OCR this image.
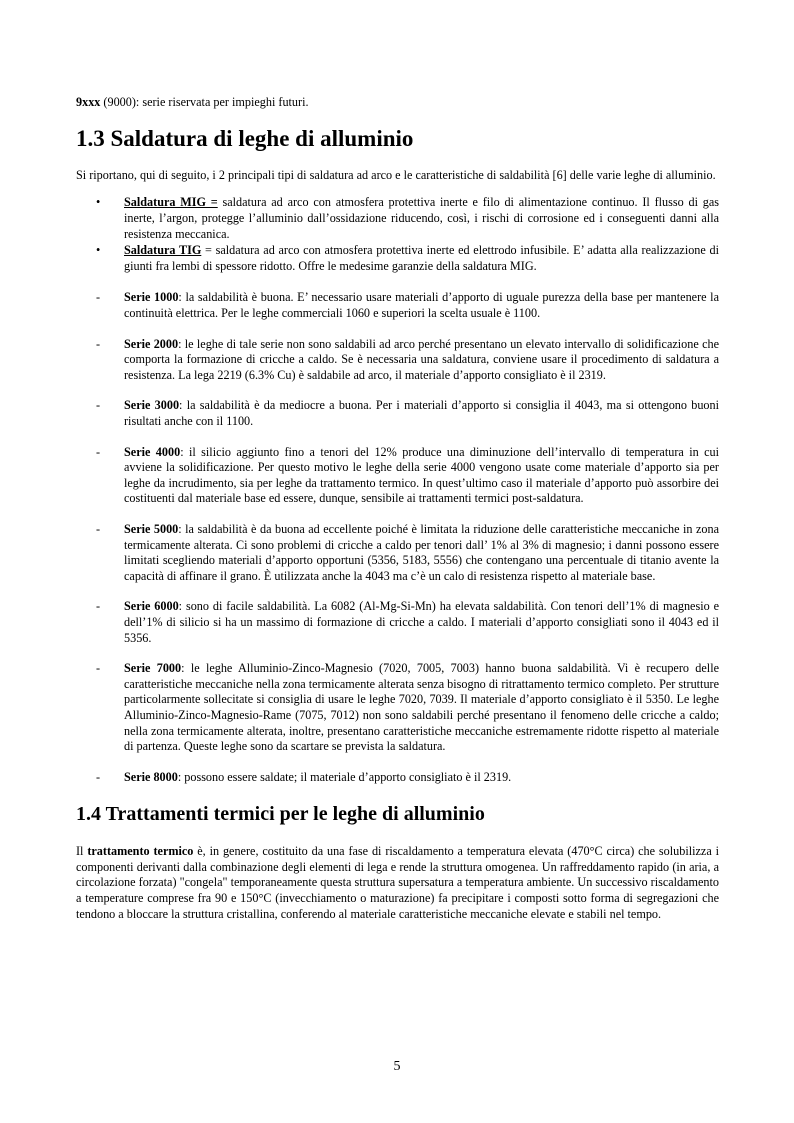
9xxx (9000): serie riservata per impieghi futuri.

1.3 Saldatura di leghe di alluminio

Si riportano, qui di seguito, i 2 principali tipi di saldatura ad arco e le caratteristiche di saldabilità [6] delle varie leghe di alluminio.

• Saldatura MIG = saldatura ad arco con atmosfera protettiva inerte e filo di alimentazione continuo. Il flusso di gas inerte, l’argon, protegge l’alluminio dall’ossidazione riducendo, così, i rischi di corrosione ed i conseguenti danni alla resistenza meccanica.
• Saldatura TIG = saldatura ad arco con atmosfera protettiva inerte ed elettrodo infusibile. E’ adatta alla realizzazione di giunti fra lembi di spessore ridotto. Offre le medesime garanzie della saldatura MIG.
- Serie 1000: la saldabilità è buona. E’ necessario usare materiali d’apporto di uguale purezza della base per mantenere la continuità elettrica. Per le leghe commerciali 1060 e superiori la scelta usuale è 1100.
- Serie 2000: le leghe di tale serie non sono saldabili ad arco perché presentano un elevato intervallo di solidificazione che comporta la formazione di cricche a caldo. Se è necessaria una saldatura, conviene usare il procedimento di saldatura a resistenza. La lega 2219 (6.3% Cu) è saldabile ad arco, il materiale d’apporto consigliato è il 2319.
- Serie 3000: la saldabilità è da mediocre a buona. Per i materiali d’apporto si consiglia il 4043, ma si ottengono buoni risultati anche con il 1100.
- Serie 4000: il silicio aggiunto fino a tenori del 12% produce una diminuzione dell’intervallo di temperatura in cui avviene la solidificazione. Per questo motivo le leghe della serie 4000 vengono usate come materiale d’apporto sia per leghe da incrudimento, sia per leghe da trattamento termico. In quest’ultimo caso il materiale d’apporto può assorbire dei costituenti dal materiale base ed essere, dunque, sensibile ai trattamenti termici post-saldatura.
- Serie 5000: la saldabilità è da buona ad eccellente poiché è limitata la riduzione delle caratteristiche meccaniche in zona termicamente alterata. Ci sono problemi di cricche a caldo per tenori dall’ 1% al 3% di magnesio; i danni possono essere limitati scegliendo materiali d’apporto opportuni (5356, 5183, 5556) che contengano una percentuale di titanio avente la capacità di affinare il grano. È utilizzata anche la 4043 ma c’è un calo di resistenza rispetto al materiale base.
- Serie 6000: sono di facile saldabilità. La 6082 (Al-Mg-Si-Mn) ha elevata saldabilità. Con tenori dell’1% di magnesio e dell’1% di silicio si ha un massimo di formazione di cricche a caldo. I materiali d’apporto consigliati sono il 4043 ed il 5356.
- Serie 7000: le leghe Alluminio-Zinco-Magnesio (7020, 7005, 7003) hanno buona saldabilità. Vi è recupero delle caratteristiche meccaniche nella zona termicamente alterata senza bisogno di ritrattamento termico completo. Per strutture particolarmente sollecitate si consiglia di usare le leghe 7020, 7039. Il materiale d’apporto consigliato è il 5350. Le leghe Alluminio-Zinco-Magnesio-Rame (7075, 7012) non sono saldabili perché presentano il fenomeno delle cricche a caldo; nella zona termicamente alterata, inoltre, presentano caratteristiche meccaniche estremamente ridotte rispetto al materiale di partenza. Queste leghe sono da scartare se prevista la saldatura.
- Serie 8000: possono essere saldate; il materiale d’apporto consigliato è il 2319.
1.4 Trattamenti termici per le leghe di alluminio

Il trattamento termico è, in genere, costituito da una fase di riscaldamento a temperatura elevata (470°C circa) che solubilizza i componenti derivanti dalla combinazione degli elementi di lega e rende la struttura omogenea. Un raffreddamento rapido (in aria, a circolazione forzata) "congela" temporaneamente questa struttura supersatura a temperatura ambiente. Un successivo riscaldamento a temperature comprese fra 90 e 150°C (invecchiamento o maturazione) fa precipitare i composti sotto forma di segregazioni che tendono a bloccare la struttura cristallina, conferendo al materiale caratteristiche meccaniche elevate e stabili nel tempo.

5
